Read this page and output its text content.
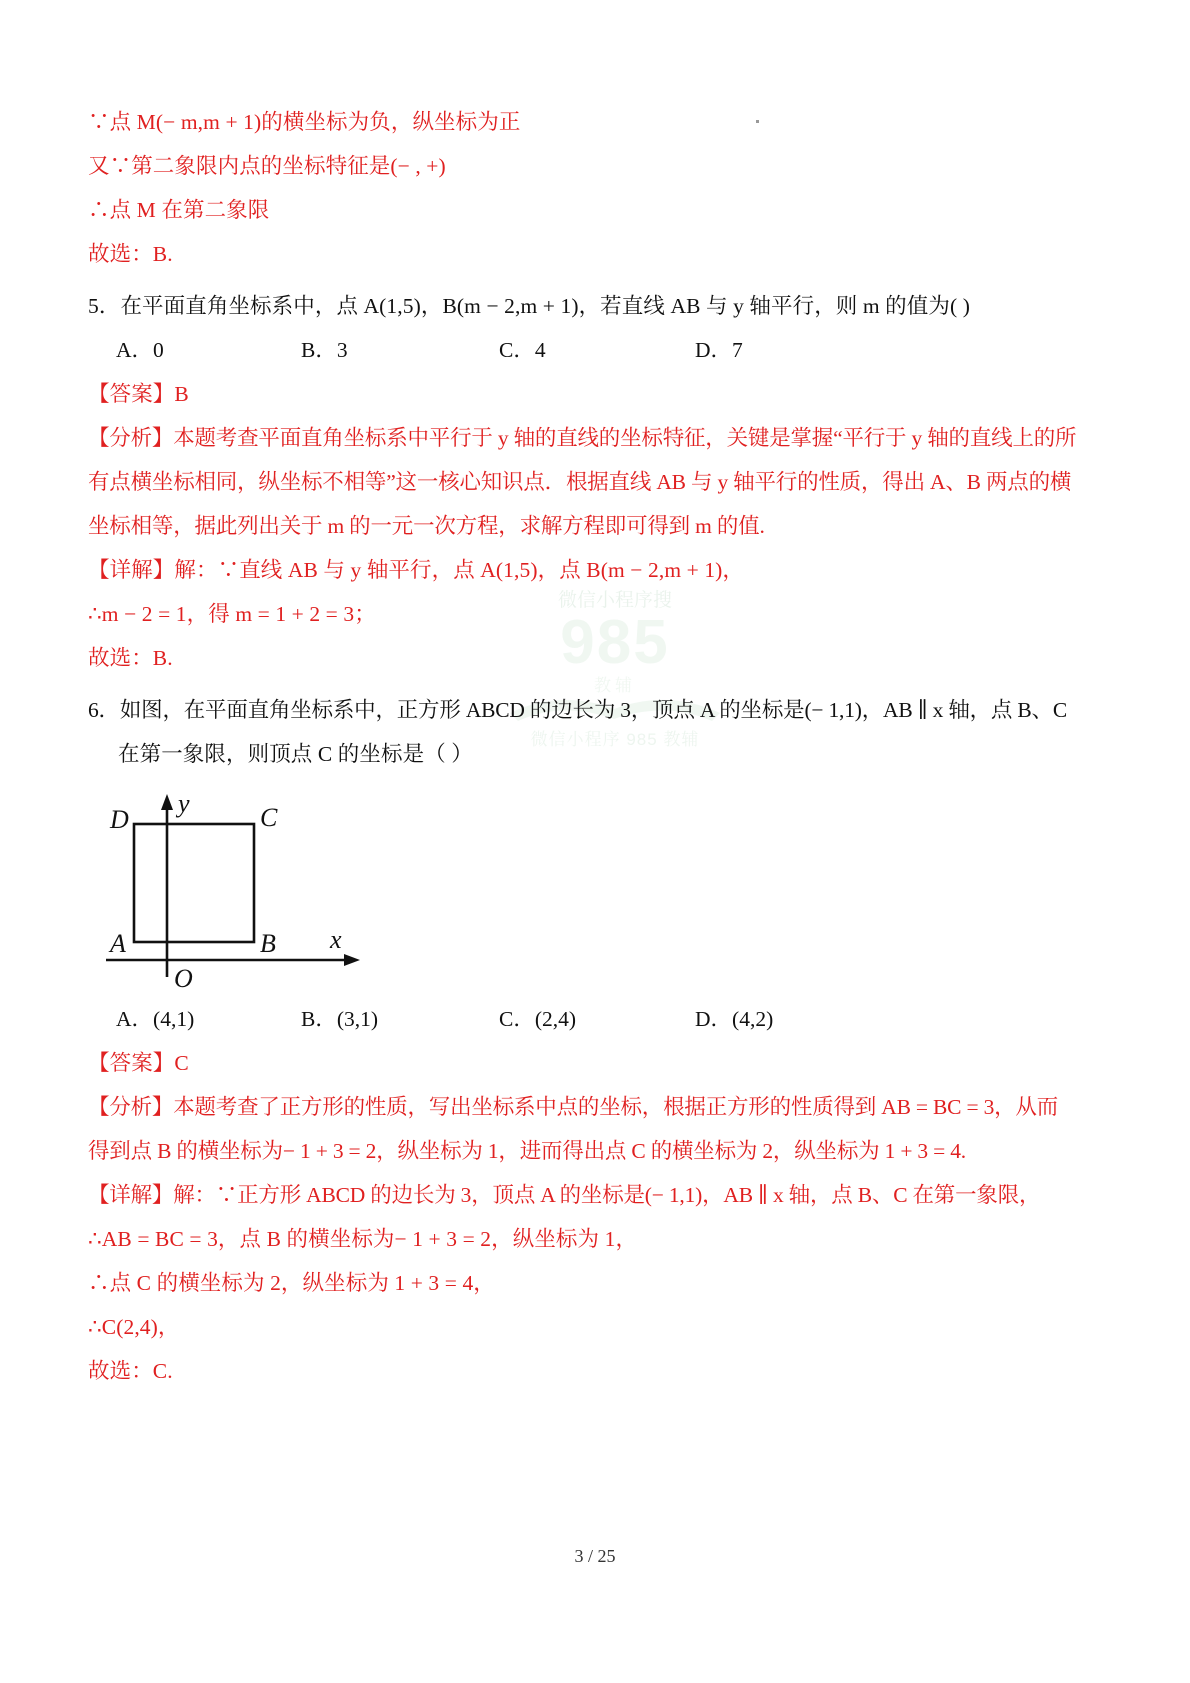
微信小程序搜
985
教辅
微信小程序 985 教辅
∵点 M(− m,m + 1)的横坐标为负，纵坐标为正
又∵第二象限内点的坐标特征是(− , +)
∴点 M 在第二象限
故选：B.
5．在平面直角坐标系中，点 A(1,5)，B(m − 2,m + 1)，若直线 AB 与 y 轴平行，则 m 的值为( )
A．0	B．3	C．4	D．7
【答案】B
【分析】本题考查平面直角坐标系中平行于 y 轴的直线的坐标特征，关键是掌握“平行于 y 轴的直线上的所
有点横坐标相同，纵坐标不相等”这一核心知识点．根据直线 AB 与 y 轴平行的性质，得出 A、B 两点的横
坐标相等，据此列出关于 m 的一元一次方程，求解方程即可得到 m 的值.
【详解】解：∵直线 AB 与 y 轴平行，点 A(1,5)，点 B(m − 2,m + 1)，
∴m − 2 = 1，得 m = 1 + 2 = 3；
故选：B.
6．如图，在平面直角坐标系中，正方形 ABCD 的边长为 3，顶点 A 的坐标是(− 1,1)，AB ∥ x 轴，点 B、C
在第一象限，则顶点 C 的坐标是（ ）
D	C
A	B
y
x
O
A．(4,1)	B．(3,1)	C．(2,4)	D．(4,2)
【答案】C
【分析】本题考查了正方形的性质，写出坐标系中点的坐标，根据正方形的性质得到 AB = BC = 3，从而
得到点 B 的横坐标为− 1 + 3 = 2，纵坐标为 1，进而得出点 C 的横坐标为 2，纵坐标为 1 + 3 = 4.
【详解】解：∵正方形 ABCD 的边长为 3，顶点 A 的坐标是(− 1,1)，AB ∥ x 轴，点 B、C 在第一象限，
∴AB = BC = 3，点 B 的横坐标为− 1 + 3 = 2，纵坐标为 1，
∴点 C 的横坐标为 2，纵坐标为 1 + 3 = 4，
∴C(2,4)，
故选：C.
3 / 25
